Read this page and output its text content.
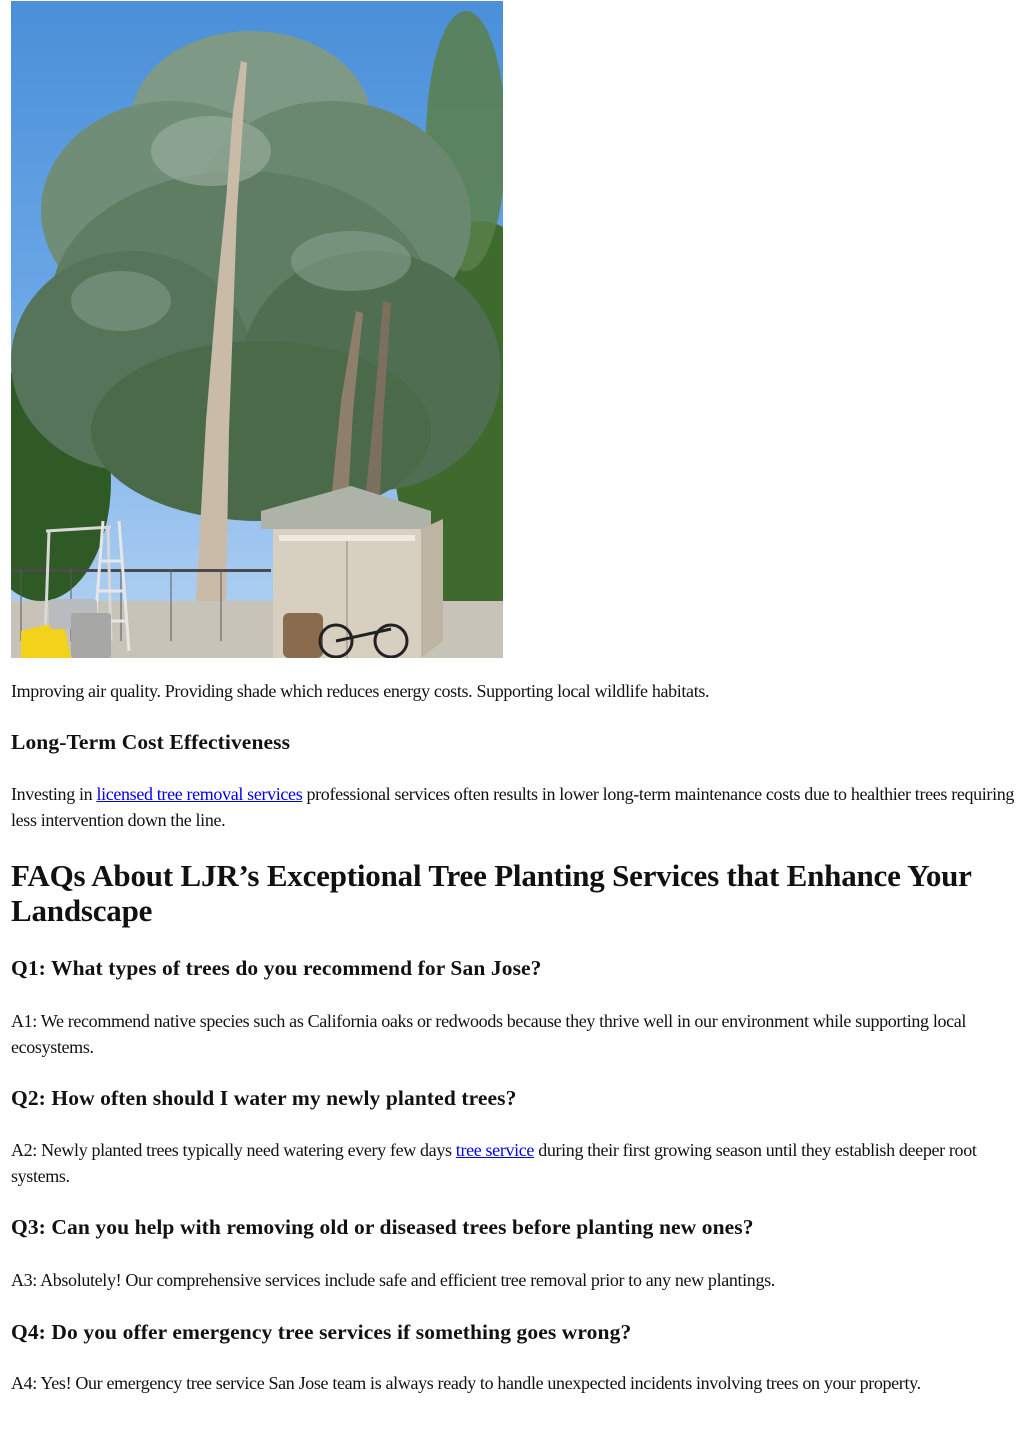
Improving air quality. Providing shade which reduces energy costs. Supporting local wildlife habitats.

Long-Term Cost Effectiveness

Investing in licensed tree removal services professional services often results in lower long-term maintenance costs due to healthier trees requiring less intervention down the line.

FAQs About LJR’s Exceptional Tree Planting Services that Enhance Your Landscape
Q1: What types of trees do you recommend for San Jose?

A1: We recommend native species such as California oaks or redwoods because they thrive well in our environment while supporting local ecosystems.

Q2: How often should I water my newly planted trees?

A2: Newly planted trees typically need watering every few days tree service during their first growing season until they establish deeper root systems.

Q3: Can you help with removing old or diseased trees before planting new ones?

A3: Absolutely! Our comprehensive services include safe and efficient tree removal prior to any new plantings.

Q4: Do you offer emergency tree services if something goes wrong?

A4: Yes! Our emergency tree service San Jose team is always ready to handle unexpected incidents involving trees on your property.
